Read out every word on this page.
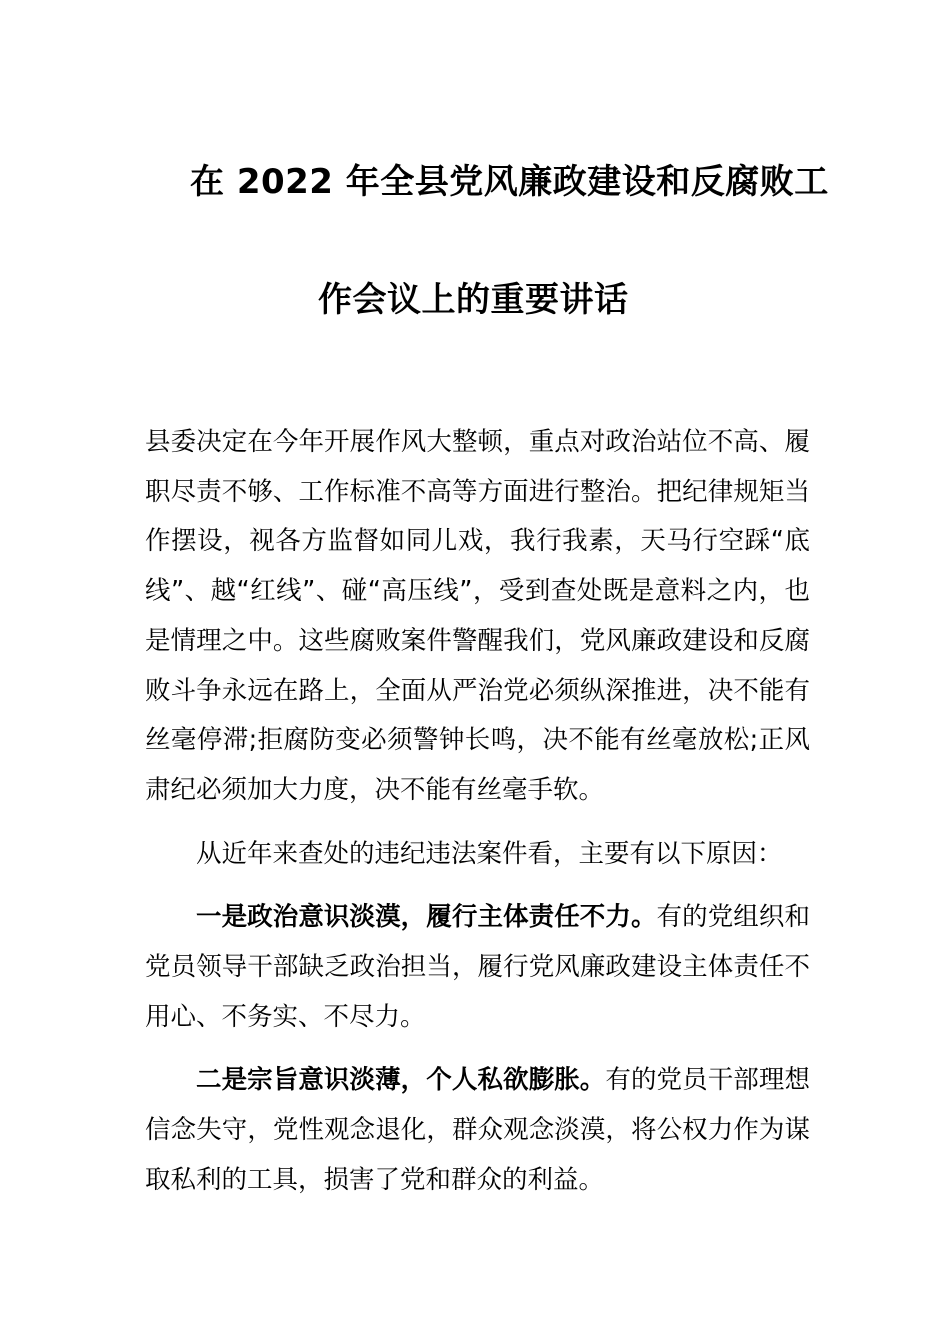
在 2022 年全县党风廉政建设和反腐败工
作会议上的重要讲话

县委决定在今年开展作风大整顿，重点对政治站位不高、履职尽责不够、工作标准不高等方面进行整治。把纪律规矩当作摆设，视各方监督如同儿戏，我行我素，天马行空踩“底线”、越“红线”、碰“高压线”，受到查处既是意料之内，也是情理之中。这些腐败案件警醒我们，党风廉政建设和反腐败斗争永远在路上，全面从严治党必须纵深推进，决不能有丝毫停滞;拒腐防变必须警钟长鸣，决不能有丝毫放松;正风肃纪必须加大力度，决不能有丝毫手软。

从近年来查处的违纪违法案件看，主要有以下原因：

一是政治意识淡漠，履行主体责任不力。有的党组织和党员领导干部缺乏政治担当，履行党风廉政建设主体责任不用心、不务实、不尽力。

二是宗旨意识淡薄，个人私欲膨胀。有的党员干部理想信念失守，党性观念退化，群众观念淡漠，将公权力作为谋取私利的工具，损害了党和群众的利益。
